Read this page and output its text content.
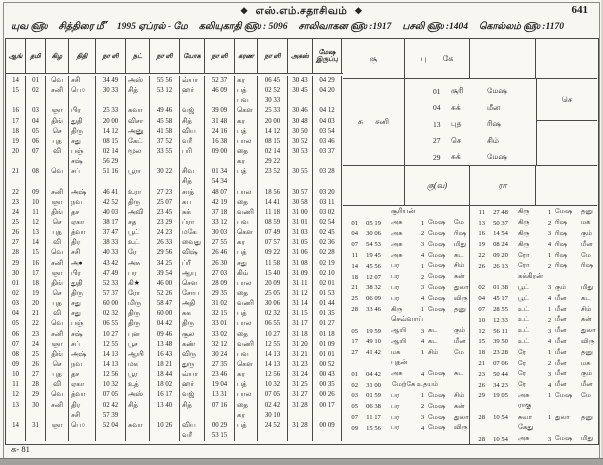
❖ எஸ்.எம்.சதாசிவம் ❖	641
யுவ ௵ சித்திரை ௴ 1995 ஏப்ரல் - மே கலியுகாதி ௵ : 5096 சாலிவாகன ௵ :1917 பசலி ௵ :1404 கொல்லம் ௵ :1170
ஆங்	தமி	கிழ	திதி	நா ளி	நட்	நா ளி	யோக	நா ளி	கரண	நா ளி	அகஸ்	மேஷ இருப்பு
14	01	வெ	சசி	34 49	அஸ்	55 56	வ்யா	52 37	கர	06 45	30 43	04 29
15	02	சனி	பெ○	30 33	சித்	53 12	ஹர்	46 09	பத்	02 52	30 45	04 20
பவ	30 33
16	03	ஞா	பிர	25 33	சுவா	49 46	வஜ்	39 09	கௌ	25 33	30 46	04 12
17	04	திங்	துதி	20 00	விசா	45 58	சித்	31 48	கர	20 00	30 48	04 03
18	05	செ	திரு	14 12	அனு	41 58	விய	24 16	பத்	14 12	30 50	03 54
19	06	புத	சது	08 15	கேட்	37 52	வரீ	16 38	பால	08 15	30 52	03 46
20	07	வி	பஞ்	02 14	மூல	33 55	பரி	09 00	தை	02 14	30 53	03 37
சஷ்	56 29	கர	29 22
21	08	வெ	சப்	51 16	பூரா	30 22	சிவ	01 34	பத்	23 52	30 55	03 28
சித்	54 34
22	09	சனி	அஷ்	46 41	உரா	27 23	சாத்	48 07	பால	18 56	30 57	03 20
23	10	ஞா	நவ	42 52	திரு	25 07	சுப	42 19	தை	14 41	30 58	03 11
24	11	திங்	தச	40 03	அவி	23 45	சுக்	37 18	வணி	11 18	31 00	03 02
25	12	செ	ஏகா	38 17	சத	23 29	ப்ரா	33 12	பவ	08 59	31 01	02 54
26	13	புத	த்வா	37 47	பூட்	24 23	மகே	30 03	கௌ	07 49	31 03	02 45
27	14	வி	திர	38 33	உட்	26 33	வைது	27 55	கர	07 57	31 05	02 36
28	15	வெ	சசி	40 33	ரே	29 56	விஷ்	26 46	பத்	09 22	31 06	02 28
29	16	சனி	அ●	43 42	அசு	34 25	ப்ரீ	26 30	சது	11 58	31 08	02 19
30	17	ஞா	பிர	47 49	பர	39 54	ஆயு	27 03	கிம்	15 40	31 09	02 10
01	18	திங்	துதி	52 33	கி★	46 00	சௌ	28 09	பால	20 09	31 11	02 01
02	19	செ	திரு	57 37	ரோ	52 26	சோப	29 35	தை	25 05	31 12	01 53
03	20	புத	சது	60 00	மிரு	58 47	அதி	31 02	வணி	30 06	31 14	01 44
04	21	வி	சது	02 32	திரு	60 00	சுக	32 15	பத்	02 32	31 15	01 35
05	22	வெ	பஞ்	06 55	திரு	04 42	திரு	33 01	பால	06 55	31 17	01 27
06	23	சனி	சஷ்	10 27	புன	09 46	சூல	33 02	தை	10 27	31 18	01 18
07	24	ஞா	சப்	12 55	பூச	13 48	கண்	32 12	வணி	12 55	31 20	01 09
08	25	திங்	அஷ்	14 13	ஆயி	16 43	விரு	30 24	பவ	14 13	31 21	01 01
09	26	செ	நவ	14 13	மக	18 21	துரு	27 35	கௌ	14 13	31 23	00 52
10	27	புத	தச	12 56	பூர	18 44	வ்யா	23 46	கர	12 56	31 24	00 43
11	28	வி	ஏகா	10 32	உத்	18 02	ஹர்	19 04	பத்	10 32	31 25	00 35
12	29	வெ	த்வா	07 05	அஸ்	16 17	வஜ்	13 31	பால	07 05	31 27	00 26
13	30	சனி	திர	02 42	சித்	13 40	சித்	07 16	தை	02 42	31 28	00 17
சசி	57 39	கர	30 10
14	31	ஞா	பெ○	52 04	சுவா	10 26	விய	00 29	பத்	24 52	31 28	00 09
வரீ	53 15
சூ	பு கே
சு சனி
செ
கு(வ)	ரா
01	சூரி	மேஷ
04	சுக்	மீன
13	புத	ரிஷ
27	செ	சிம்
29	சுக்	மேஷ
சூரியன்
01	05 19	அசு	1 மேஷ	மே
04	30 06	அசு	2 மேஷ	ரிஷ
07	54 53	அசு	3 மேஷ	மிது
11	19 45	அசு	4 மேஷ	கட
14	45 56	பர	1 மேஷ	சிம்
18	12 07	பர	2 மேஷ	கன்
21	38 32	பர	3 மேஷ	துலா
25	06 09	பர	4 மேஷ	விரு
28	33 46	கிரு	1 மேஷ	தனு
செவ்வாய்
05	19 59	ஆயி	3 கட	கும்
17	49 10	ஆயி	4 கட	மீன
27	41 42	மக	1 சிம்	மே
புதன்
01	04 42	அசு	4 மேஷ	கட
02	31 00	மேற்கே உதயம்
03	01 59	பர	1 மேஷ	சிம்
05	06 38	பர	2 மேஷ	கன்
07	11 17	பர	3 மேஷ	துலா
09	15 56	பர	4 மேஷ	விரு
11	27 48	கிரு	1 மேஷ	தனு
13	50 37	கிரு	2 ரிஷ	மக
16	14 54	கிரு	3 ரிஷ	கும்
19	08 24	கிரு	4 ரிஷ	மீன
22	09 20	ரோ	1 ரிஷ	மே
26	26 13	ரோ	2 ரிஷ	ரிஷ
சுக்கிரன்
02	01 38	பூட்	3 கும்	மிது
04	45 17	பூட்	4 மீன	கட
07	28 55	உட்	1 மீன	சிம்
10	12 33	உட்	2 மீன	கன்
12	56 11	உட்	3 மீன	துலா
15	39 50	உட்	4 மீன	விரு
18	23 28	ரே	1 மீன	தனு
21	07 06	ரே	2 மீன	மக
23	50 44	ரே	3 மீன	கும்
26	34 23	ரே	4 மீன	மீன
29	19 05	அசு	1 மேஷ	மே
ராகு
28	10 54	சுவா	1 துலா	தனு
கேது
28	10 54	அசு	3 மேஷ	மிது
க- 81
